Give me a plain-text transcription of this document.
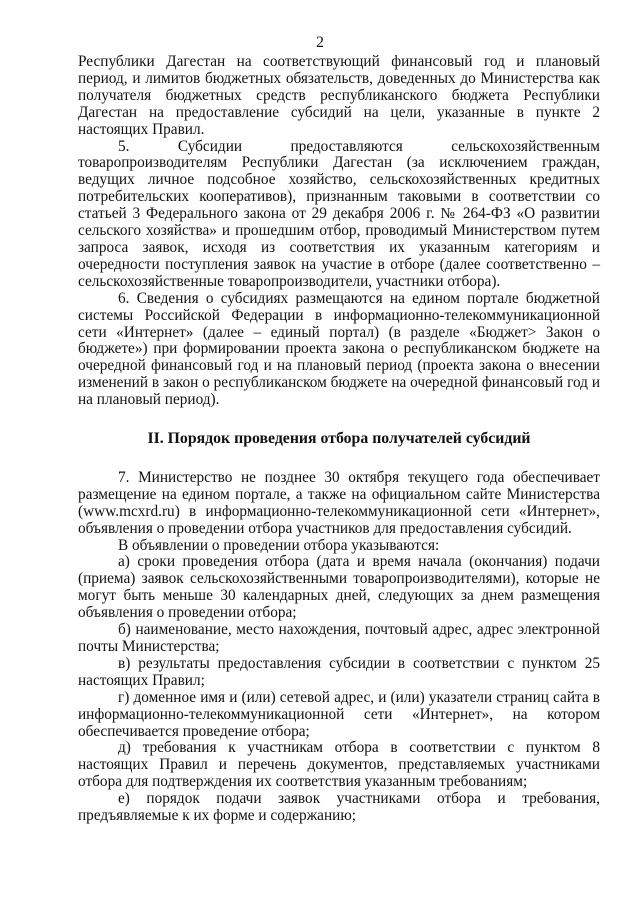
2

Республики Дагестан на соответствующий финансовый год и плановый период, и лимитов бюджетных обязательств, доведенных до Министерства как получателя бюджетных средств республиканского бюджета Республики Дагестан на предоставление субсидий на цели, указанные в пункте 2 настоящих Правил.

5. Субсидии предоставляются сельскохозяйственным товаропроизводителям Республики Дагестан (за исключением граждан, ведущих личное подсобное хозяйство, сельскохозяйственных кредитных потребительских кооперативов), признанным таковыми в соответствии со статьей 3 Федерального закона от 29 декабря 2006 г. № 264-ФЗ «О развитии сельского хозяйства» и прошедшим отбор, проводимый Министерством путем запроса заявок, исходя из соответствия их указанным категориям и очередности поступления заявок на участие в отборе (далее соответственно – сельскохозяйственные товаропроизводители, участники отбора).

6. Сведения о субсидиях размещаются на едином портале бюджетной системы Российской Федерации в информационно-телекоммуникационной сети «Интернет» (далее – единый портал) (в разделе «Бюджет> Закон о бюджете») при формировании проекта закона о республиканском бюджете на очередной финансовый год и на плановый период (проекта закона о внесении изменений в закон о республиканском бюджете на очередной финансовый год и на плановый период).

II. Порядок проведения отбора получателей субсидий

7. Министерство не позднее 30 октября текущего года обеспечивает размещение на едином портале, а также на официальном сайте Министерства (www.mcxrd.ru) в информационно-телекоммуникационной сети «Интернет», объявления о проведении отбора участников для предоставления субсидий.

В объявлении о проведении отбора указываются:

а) сроки проведения отбора (дата и время начала (окончания) подачи (приема) заявок сельскохозяйственными товаропроизводителями), которые не могут быть меньше 30 календарных дней, следующих за днем размещения объявления о проведении отбора;

б) наименование, место нахождения, почтовый адрес, адрес электронной почты Министерства;

в) результаты предоставления субсидии в соответствии с пунктом 25 настоящих Правил;

г) доменное имя и (или) сетевой адрес, и (или) указатели страниц сайта в информационно-телекоммуникационной сети «Интернет», на котором обеспечивается проведение отбора;

д) требования к участникам отбора в соответствии с пунктом 8 настоящих Правил и перечень документов, представляемых участниками отбора для подтверждения их соответствия указанным требованиям;

е) порядок подачи заявок участниками отбора и требования, предъявляемые к их форме и содержанию;
